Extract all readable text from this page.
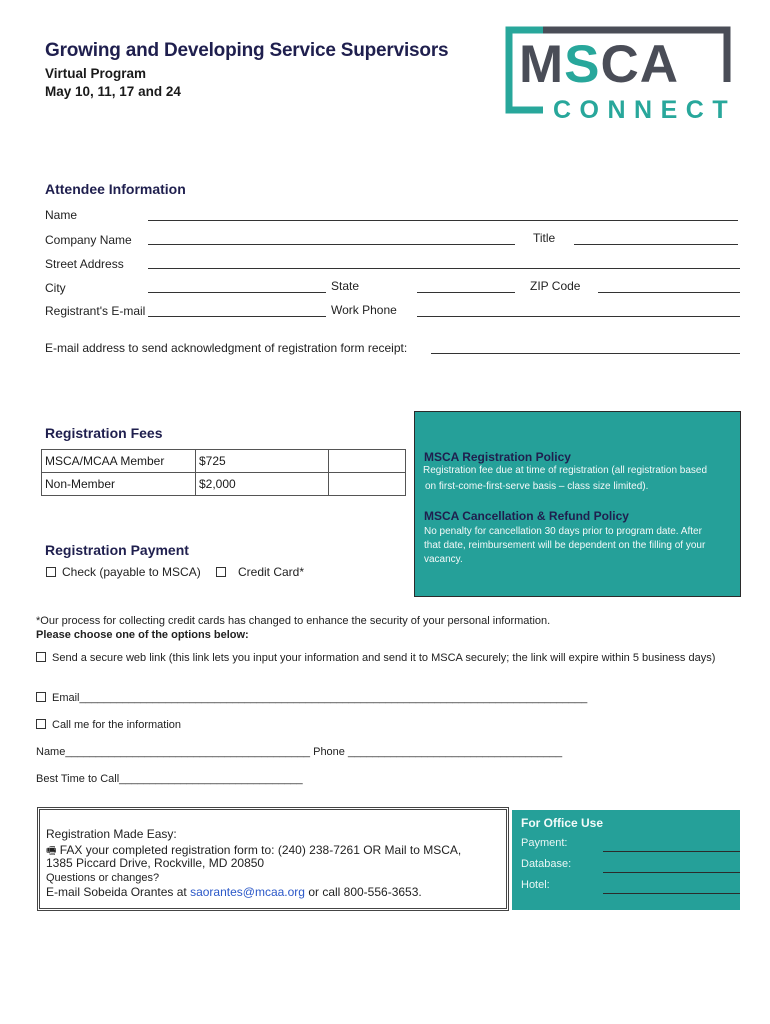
Growing and Developing Service Supervisors
Virtual Program
May 10, 11, 17 and 24	MSCA
CONNECT
Attendee Information
Name
Company Name	Title
Street Address
City	State	ZIP Code
Registrant's E-mail	Work Phone
E-mail address to send acknowledgment of registration form receipt:
Registration Fees
MSCA/MCAA Member	$725	
Non-Member	$2,000	
MSCA Registration Policy
Registration fee due at time of registration (all registration based
on first-come-first-serve basis – class size limited).
MSCA Cancellation & Refund Policy
No penalty for cancellation 30 days prior to program date. After
that date, reimbursement will be dependent on the filling of your
vacancy.
Registration Payment
Check (payable to MSCA)	Credit Card*
*Our process for collecting credit cards has changed to enhance the security of your personal information.
Please choose one of the options below:
Send a secure web link (this link lets you input your information and send it to MSCA securely; the link will expire within 5 business days)
Email___________________________________________________________________________________
Call me for the information
Name________________________________________ Phone ___________________________________
Best Time to Call______________________________
Registration Made Easy:
🖷 FAX your completed registration form to: (240) 238-7261 OR Mail to MSCA,
1385 Piccard Drive, Rockville, MD 20850
Questions or changes?
E-mail Sobeida Orantes at saorantes@mcaa.org or call 800-556-3653.
For Office Use
Payment:
Database:
Hotel:
